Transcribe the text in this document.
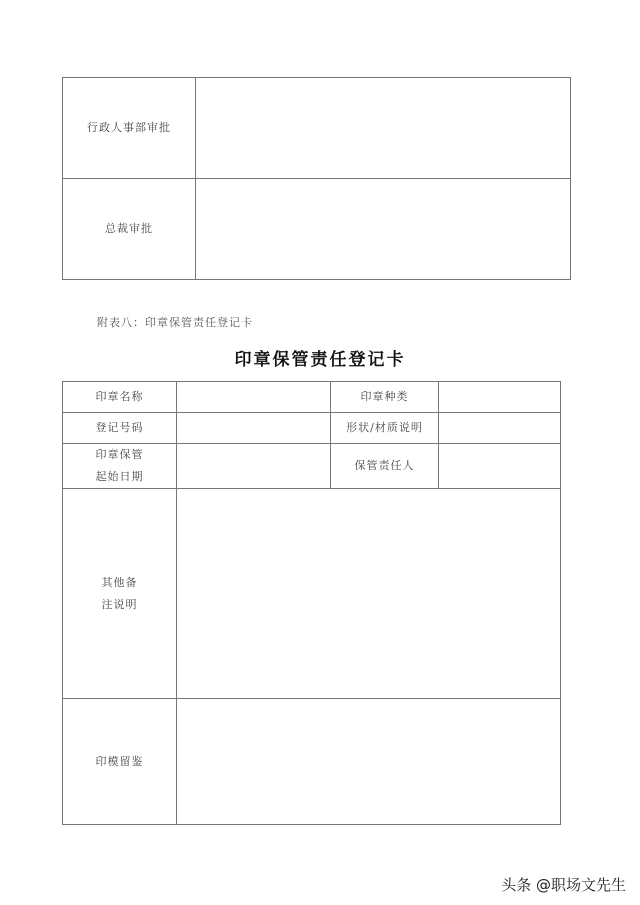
行政人事部审批	
总裁审批	
附表八：印章保管责任登记卡
印章保管责任登记卡
印章名称		印章种类	
登记号码		形状/材质说明	

印章保管
起始日期		保管责任人	

其他备
注说明			

印模留鉴			
头条 @职场文先生
